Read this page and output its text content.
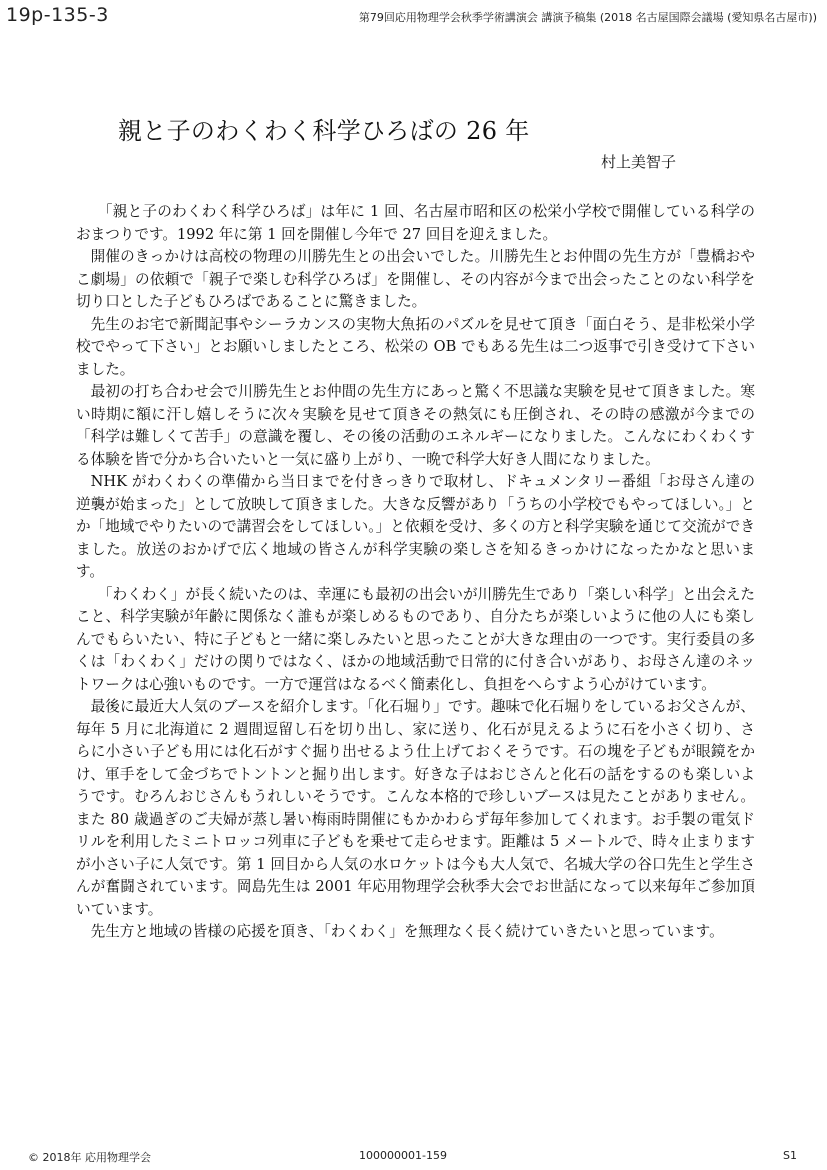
19p-135-3	第79回応用物理学会秋季学術講演会 講演予稿集 (2018 名古屋国際会議場 (愛知県名古屋市))
親と子のわくわく科学ひろばの 26 年
村上美智子

「親と子のわくわく科学ひろば」は年に 1 回、名古屋市昭和区の松栄小学校で開催している科学のおまつりです。1992 年に第 1 回を開催し今年で 27 回目を迎えました。

開催のきっかけは高校の物理の川勝先生との出会いでした。川勝先生とお仲間の先生方が「豊橋おやこ劇場」の依頼で「親子で楽しむ科学ひろば」を開催し、その内容が今まで出会ったことのない科学を切り口とした子どもひろばであることに驚きました。

先生のお宅で新聞記事やシーラカンスの実物大魚拓のパズルを見せて頂き「面白そう、是非松栄小学校でやって下さい」とお願いしましたところ、松栄の OB でもある先生は二つ返事で引き受けて下さいました。

最初の打ち合わせ会で川勝先生とお仲間の先生方にあっと驚く不思議な実験を見せて頂きました。寒い時期に額に汗し嬉しそうに次々実験を見せて頂きその熱気にも圧倒され、その時の感激が今までの「科学は難しくて苦手」の意識を覆し、その後の活動のエネルギーになりました。こんなにわくわくする体験を皆で分かち合いたいと一気に盛り上がり、一晩で科学大好き人間になりました。

NHK がわくわくの準備から当日までを付きっきりで取材し、ドキュメンタリー番組「お母さん達の逆襲が始まった」として放映して頂きました。大きな反響があり「うちの小学校でもやってほしい。」とか「地域でやりたいので講習会をしてほしい。」と依頼を受け、多くの方と科学実験を通じて交流ができました。放送のおかげで広く地域の皆さんが科学実験の楽しさを知るきっかけになったかなと思います。

「わくわく」が長く続いたのは、幸運にも最初の出会いが川勝先生であり「楽しい科学」と出会えたこと、科学実験が年齢に関係なく誰もが楽しめるものであり、自分たちが楽しいように他の人にも楽しんでもらいたい、特に子どもと一緒に楽しみたいと思ったことが大きな理由の一つです。実行委員の多くは「わくわく」だけの関りではなく、ほかの地域活動で日常的に付き合いがあり、お母さん達のネットワークは心強いものです。一方で運営はなるべく簡素化し、負担をへらすよう心がけています。

最後に最近大人気のブースを紹介します。「化石堀り」です。趣味で化石堀りをしているお父さんが、毎年 5 月に北海道に 2 週間逗留し石を切り出し、家に送り、化石が見えるように石を小さく切り、さらに小さい子ども用には化石がすぐ掘り出せるよう仕上げておくそうです。石の塊を子どもが眼鏡をかけ、軍手をして金づちでトントンと掘り出します。好きな子はおじさんと化石の話をするのも楽しいようです。むろんおじさんもうれしいそうです。こんな本格的で珍しいブースは見たことがありません。また 80 歳過ぎのご夫婦が蒸し暑い梅雨時開催にもかかわらず毎年参加してくれます。お手製の電気ドリルを利用したミニトロッコ列車に子どもを乗せて走らせます。距離は 5 メートルで、時々止まりますが小さい子に人気です。第 1 回目から人気の水ロケットは今も大人気で、名城大学の谷口先生と学生さんが奮闘されています。岡島先生は 2001 年応用物理学会秋季大会でお世話になって以来毎年ご参加頂いています。

先生方と地域の皆様の応援を頂き、「わくわく」を無理なく長く続けていきたいと思っています。

© 2018年 応用物理学会	100000001-159	S1
